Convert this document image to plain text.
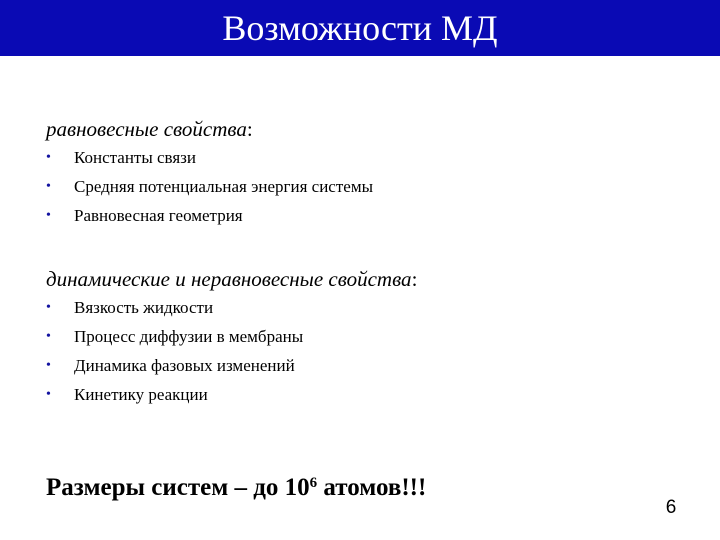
Возможности МД
равновесные свойства:
• Константы связи
• Средняя потенциальная энергия системы
• Равновесная геометрия
динамические и неравновесные свойства:
• Вязкость жидкости
• Процесс диффузии в мембраны
• Динамика фазовых изменений
• Кинетику реакции
Размеры систем – до $10^6$ атомов!!!
6
